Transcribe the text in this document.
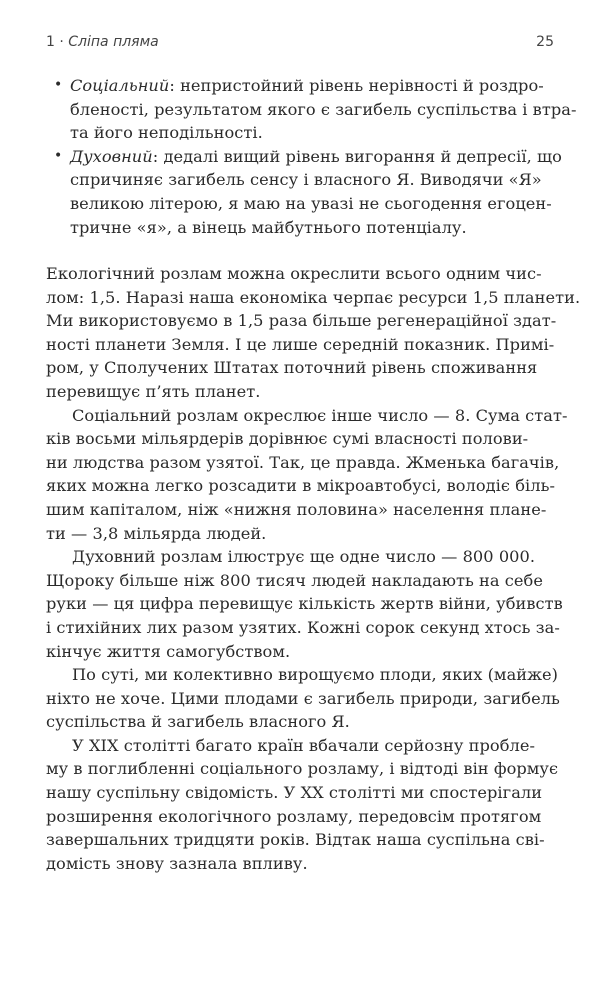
1 · Сліпа пляма	25
• Соціальний: непристойний рівень нерівності й роздро-
бленості, результатом якого є загибель суспільства і втра-
та його неподільності.
• Духовний: дедалі вищий рівень вигорання й депресії, що
спричиняє загибель сенсу і власного Я. Виводячи «Я»
великою літерою, я маю на увазі не сьогодення егоцен-
тричне «я», а вінець майбутнього потенціалу.
Екологічний розлам можна окреслити всього одним чис-
лом: 1,5. Наразі наша економіка черпає ресурси 1,5 планети.
Ми використовуємо в 1,5 раза більше регенераційної здат-
ності планети Земля. І це лише середній показник. Примі-
ром, у Сполучених Штатах поточний рівень споживання
перевищує п’ять планет.
Соціальний розлам окреслює інше число — 8. Сума стат-
ків восьми мільярдерів дорівнює сумі власності полови-
ни людства разом узятої. Так, це правда. Жменька багачів,
яких можна легко розсадити в мікроавтобусі, володіє біль-
шим капіталом, ніж «нижня половина» населення плане-
ти — 3,8 мільярда людей.
Духовний розлам ілюструє ще одне число — 800 000.
Щороку більше ніж 800 тисяч людей накладають на себе
руки — ця цифра перевищує кількість жертв війни, убивств
і стихійних лих разом узятих. Кожні сорок секунд хтось за-
кінчує життя самогубством.
По суті, ми колективно вирощуємо плоди, яких (майже)
ніхто не хоче. Цими плодами є загибель природи, загибель
суспільства й загибель власного Я.
У XIX столітті багато країн вбачали серйозну пробле-
му в поглибленні соціального розламу, і відтоді він формує
нашу суспільну свідомість. У XX столітті ми спостерігали
розширення екологічного розламу, передовсім протягом
завершальних тридцяти років. Відтак наша суспільна сві-
домість знову зазнала впливу.
